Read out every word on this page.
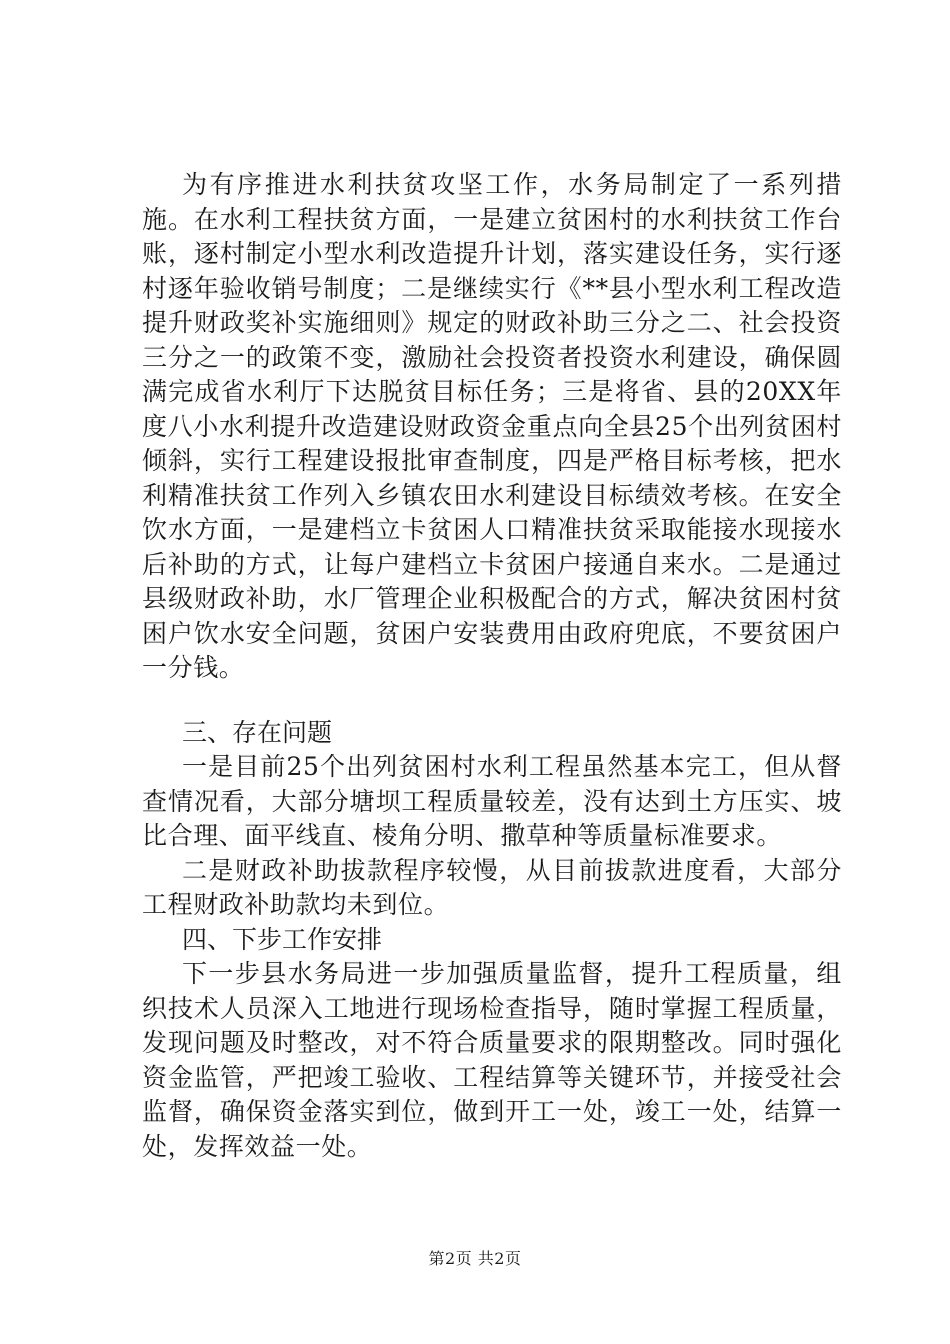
为有序推进水利扶贫攻坚工作，水务局制定了一系列措施。在水利工程扶贫方面，一是建立贫困村的水利扶贫工作台账，逐村制定小型水利改造提升计划，落实建设任务，实行逐村逐年验收销号制度；二是继续实行《**县小型水利工程改造提升财政奖补实施细则》规定的财政补助三分之二、社会投资三分之一的政策不变，激励社会投资者投资水利建设，确保圆满完成省水利厅下达脱贫目标任务；三是将省、县的20XX年度八小水利提升改造建设财政资金重点向全县25个出列贫困村倾斜，实行工程建设报批审查制度，四是严格目标考核，把水利精准扶贫工作列入乡镇农田水利建设目标绩效考核。在安全饮水方面，一是建档立卡贫困人口精准扶贫采取能接水现接水后补助的方式，让每户建档立卡贫困户接通自来水。二是通过县级财政补助，水厂管理企业积极配合的方式，解决贫困村贫困户饮水安全问题，贫困户安装费用由政府兜底，不要贫困户一分钱。

三、存在问题

一是目前25个出列贫困村水利工程虽然基本完工，但从督查情况看，大部分塘坝工程质量较差，没有达到土方压实、坡比合理、面平线直、棱角分明、撒草种等质量标准要求。

二是财政补助拔款程序较慢，从目前拔款进度看，大部分工程财政补助款均未到位。

四、下步工作安排

下一步县水务局进一步加强质量监督，提升工程质量，组织技术人员深入工地进行现场检查指导，随时掌握工程质量，发现问题及时整改，对不符合质量要求的限期整改。同时强化资金监管，严把竣工验收、工程结算等关键环节，并接受社会监督，确保资金落实到位，做到开工一处，竣工一处，结算一处，发挥效益一处。

第2页 共2页
